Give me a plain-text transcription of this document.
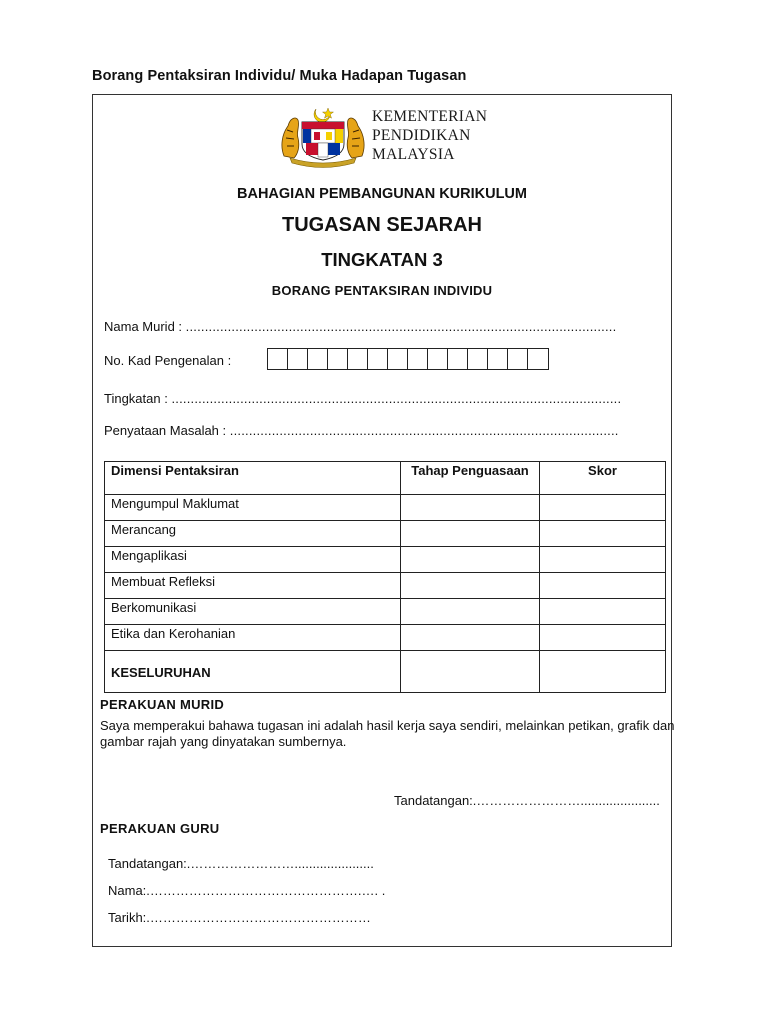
Borang Pentaksiran Individu/ Muka Hadapan Tugasan
KEMENTERIAN
PENDIDIKAN
MALAYSIA
BAHAGIAN PEMBANGUNAN KURIKULUM
TUGASAN SEJARAH
TINGKATAN 3
BORANG PENTAKSIRAN INDIVIDU
Nama Murid : .................................................................................................................
No. Kad Pengenalan :
Tingkatan : ......................................................................................................................
Penyataan Masalah : ......................................................................................................
Dimensi Pentaksiran	Tahap Penguasaan	Skor
Mengumpul Maklumat		
Merancang		
Mengaplikasi		
Membuat Refleksi		
Berkomunikasi		
Etika dan Kerohanian		
KESELURUHAN		
PERAKUAN MURID
Saya memperakui bahawa tugasan ini adalah hasil kerja saya sendiri, melainkan petikan, grafik dan gambar rajah yang dinyatakan sumbernya.
Tandatangan:.……………………......................
PERAKUAN GURU
Tandatangan:.……………………......................
Nama:.………………………………………….…. .
Tarikh:.……………………………………………
